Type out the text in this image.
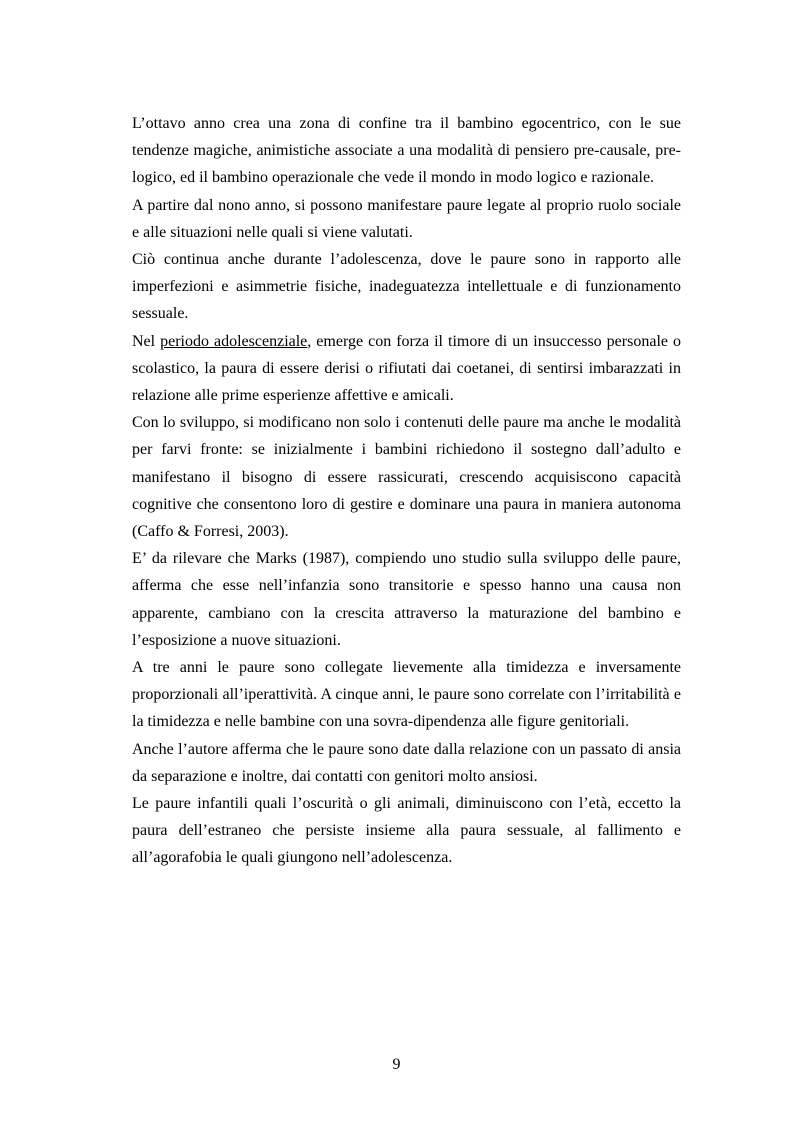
L’ottavo anno crea una zona di confine tra il bambino egocentrico, con le sue tendenze magiche, animistiche associate a una modalità di pensiero pre-causale, pre-logico, ed il bambino operazionale che vede il mondo in modo logico e razionale.

A partire dal nono anno, si possono manifestare paure legate al proprio ruolo sociale e alle situazioni nelle quali si viene valutati.

Ciò continua anche durante l’adolescenza, dove le paure sono in rapporto alle imperfezioni e asimmetrie fisiche, inadeguatezza intellettuale e di funzionamento sessuale.

Nel periodo adolescenziale, emerge con forza il timore di un insuccesso personale o scolastico, la paura di essere derisi o rifiutati dai coetanei, di sentirsi imbarazzati in relazione alle prime esperienze affettive e amicali.

Con lo sviluppo, si modificano non solo i contenuti delle paure ma anche le modalità per farvi fronte: se inizialmente i bambini richiedono il sostegno dall’adulto e manifestano il bisogno di essere rassicurati, crescendo acquisiscono capacità cognitive che consentono loro di gestire e dominare una paura in maniera autonoma (Caffo & Forresi, 2003).

E’ da rilevare che Marks (1987), compiendo uno studio sulla sviluppo delle paure, afferma che esse nell’infanzia sono transitorie e spesso hanno una causa non apparente, cambiano con la crescita attraverso la maturazione del bambino e l’esposizione a nuove situazioni.

A tre anni le paure sono collegate lievemente alla timidezza e inversamente proporzionali all’iperattività. A cinque anni, le paure sono correlate con l’irritabilità e la timidezza e nelle bambine con una sovra-dipendenza alle figure genitoriali.

Anche l’autore afferma che le paure sono date dalla relazione con un passato di ansia da separazione e inoltre, dai contatti con genitori molto ansiosi.

Le paure infantili quali l’oscurità o gli animali, diminuiscono con l’età, eccetto la paura dell’estraneo che persiste insieme alla paura sessuale, al fallimento e all’agorafobia le quali giungono nell’adolescenza.

9
